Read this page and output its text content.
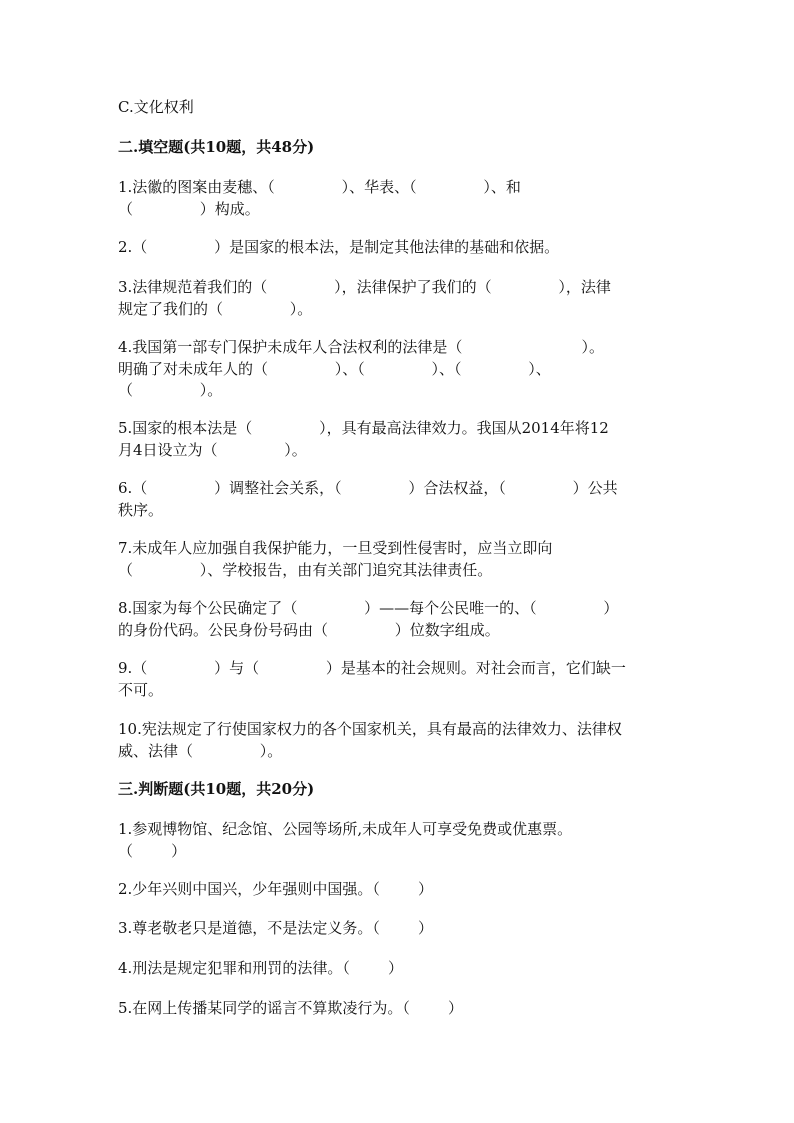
C.文化权利
二.填空题(共10题，共48分)
1.法徽的图案由麦穗、（              ）、华表、（              ）、和
（              ）构成。
2.（              ）是国家的根本法，是制定其他法律的基础和依据。
3.法律规范着我们的（              ），法律保护了我们的（              ），法律
规定了我们的（              ）。
4.我国第一部专门保护未成年人合法权利的法律是（                         ）。
明确了对未成年人的（              ）、（              ）、（              ）、
（              ）。
5.国家的根本法是（              ），具有最高法律效力。我国从2014年将12
月4日设立为（              ）。
6.（              ）调整社会关系，（              ）合法权益，（              ）公共
秩序。
7.未成年人应加强自我保护能力，一旦受到性侵害时，应当立即向
（              ）、学校报告，由有关部门追究其法律责任。
8.国家为每个公民确定了（              ）——每个公民唯一的、（              ）
的身份代码。公民身份号码由（              ）位数字组成。
9.（              ）与（              ）是基本的社会规则。对社会而言，它们缺一
不可。
10.宪法规定了行使国家权力的各个国家机关，具有最高的法律效力、法律权
威、法律（              ）。
三.判断题(共10题，共20分)
1.参观博物馆、纪念馆、公园等场所,未成年人可享受免费或优惠票。
（        ）
2.少年兴则中国兴，少年强则中国强。（        ）
3.尊老敬老只是道德，不是法定义务。（        ）
4.刑法是规定犯罪和刑罚的法律。（        ）
5.在网上传播某同学的谣言不算欺凌行为。（        ）
